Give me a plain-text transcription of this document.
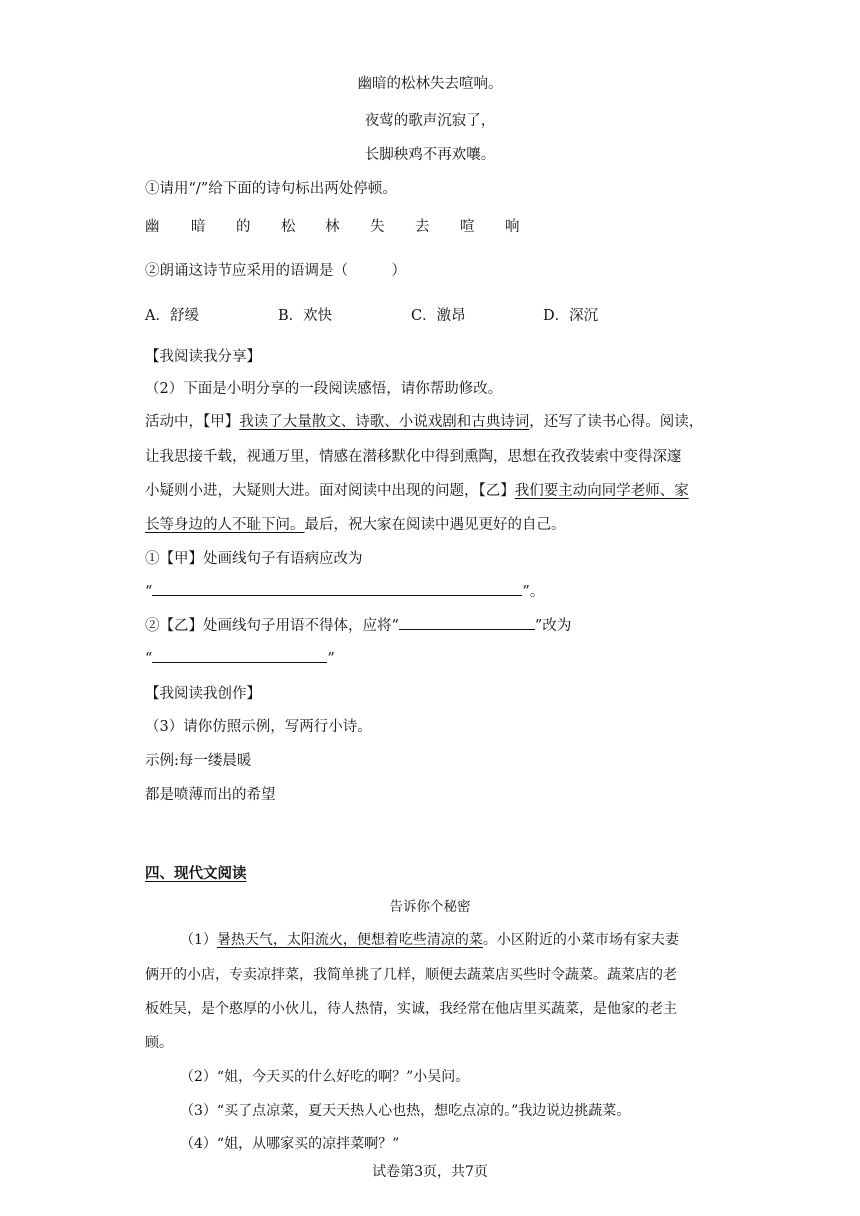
幽暗的松林失去喧响。
夜莺的歌声沉寂了，
长脚秧鸡不再欢嚷。
①请用“/”给下面的诗句标出两处停顿。
幽 暗 的 松 林 失 去 喧 响
②朗诵这诗节应采用的语调是（　　　）
A．舒缓	B．欢快	C．激昂	D．深沉
【我阅读我分享】
（2）下面是小明分享的一段阅读感悟，请你帮助修改。
活动中，【甲】我读了大量散文、诗歌、小说戏剧和古典诗词，还写了读书心得。阅读，
让我思接千载，视通万里，情感在潜移默化中得到熏陶，思想在孜孜装索中变得深邃
小疑则小进，大疑则大进。面对阅读中出现的问题，【乙】我们要主动向同学老师、家
长等身边的人不耻下问。最后，祝大家在阅读中遇见更好的自己。
①【甲】处画线句子有语病应改为
“	”。
②【乙】处画线句子用语不得体，应将“	”改为
“	”
【我阅读我创作】
（3）请你仿照示例，写两行小诗。
示例:每一缕晨暖
都是喷薄而出的希望
四、现代文阅读
告诉你个秘密
（1）暑热天气，太阳流火，便想着吃些清凉的菜。小区附近的小菜市场有家夫妻
俩开的小店，专卖凉拌菜，我简单挑了几样，顺便去蔬菜店买些时令蔬菜。蔬菜店的老
板姓吴，是个憨厚的小伙儿，待人热情，实诚，我经常在他店里买蔬菜，是他家的老主
顾。
（2）“姐，今天买的什么好吃的啊？”小吴问。
（3）“买了点凉菜，夏天天热人心也热，想吃点凉的。”我边说边挑蔬菜。
（4）“姐，从哪家买的凉拌菜啊？”
试卷第3页，共7页
